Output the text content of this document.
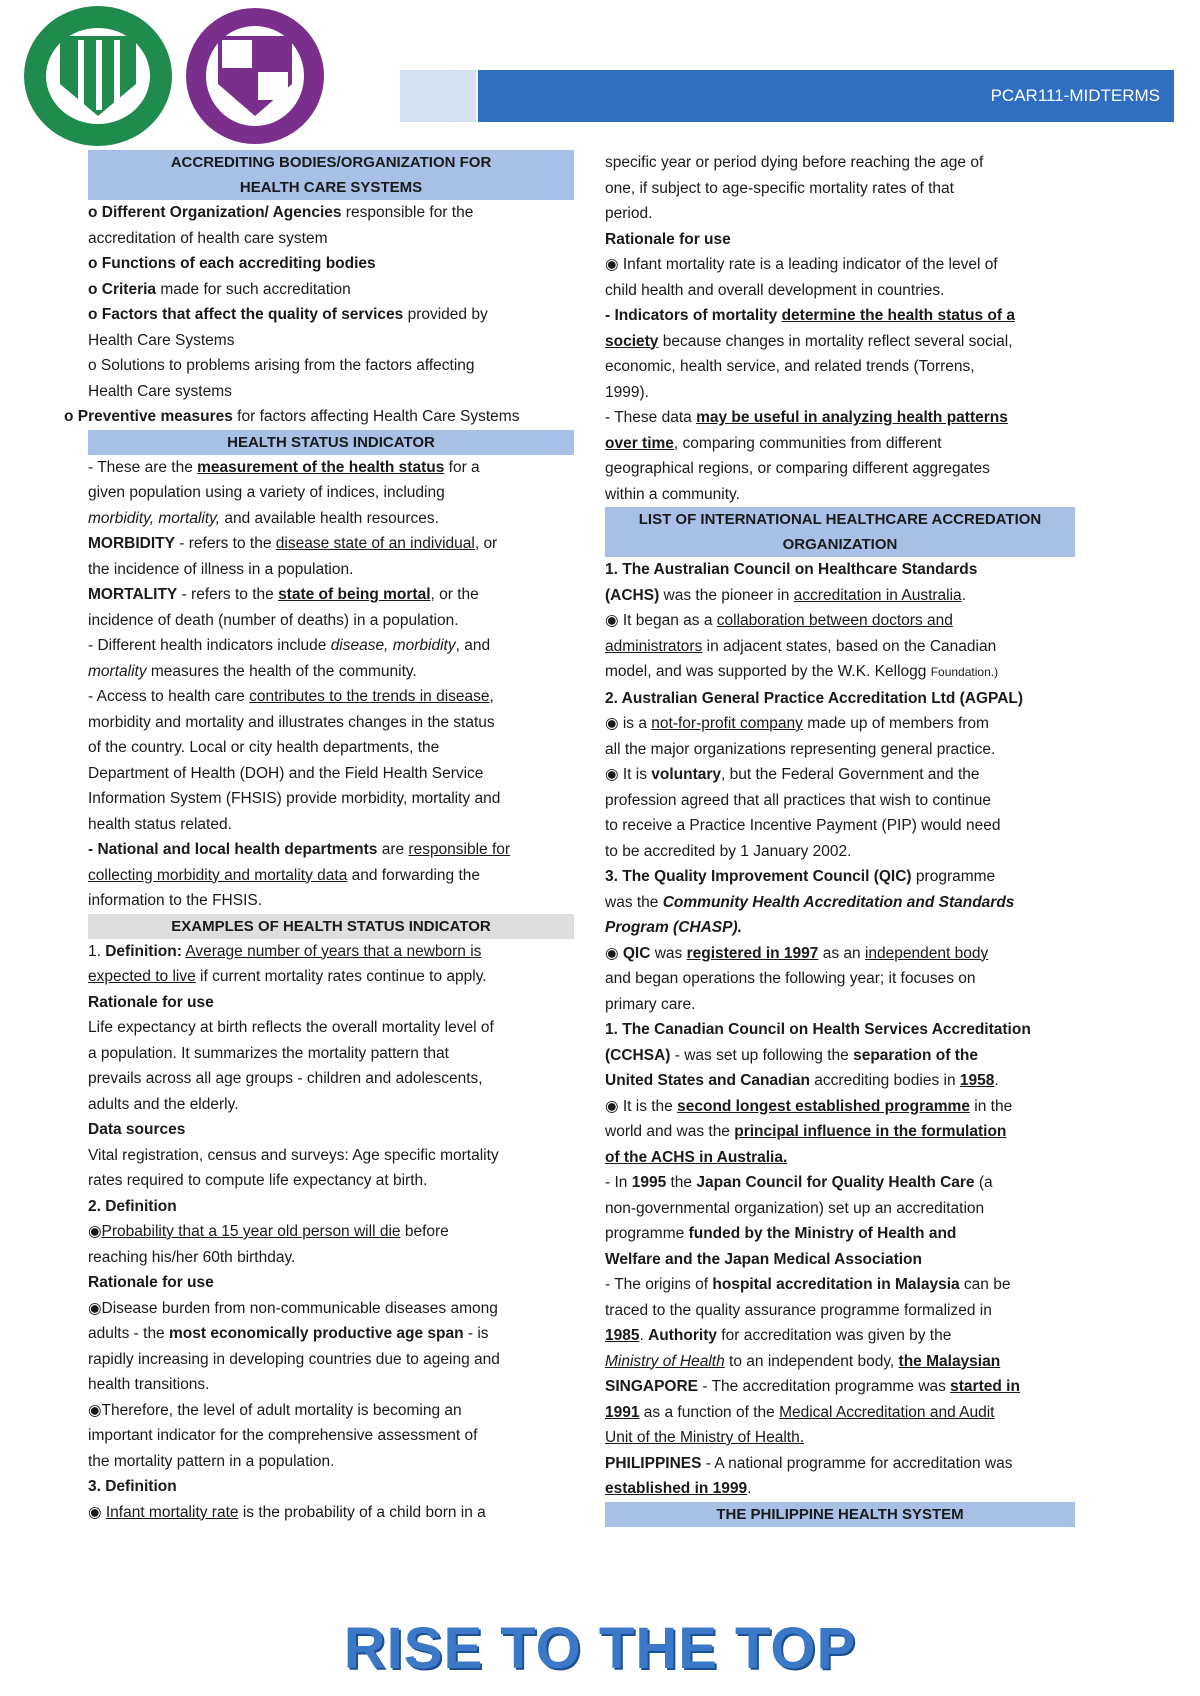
PCAR111-MIDTERMS
ACCREDITING BODIES/ORGANIZATION FOR
HEALTH CARE SYSTEMS

o Different Organization/ Agencies responsible for the

accreditation of health care system

o Functions of each accrediting bodies

o Criteria made for such accreditation

o Factors that affect the quality of services provided by

Health Care Systems

o Solutions to problems arising from the factors affecting

Health Care systems

o Preventive measures for factors affecting Health Care Systems

HEALTH STATUS INDICATOR

- These are the measurement of the health status for a

given population using a variety of indices, including

morbidity, mortality, and available health resources.

MORBIDITY - refers to the disease state of an individual, or

the incidence of illness in a population.

MORTALITY - refers to the state of being mortal, or the

incidence of death (number of deaths) in a population.

- Different health indicators include disease, morbidity, and

mortality measures the health of the community.

- Access to health care contributes to the trends in disease,

morbidity and mortality and illustrates changes in the status

of the country. Local or city health departments, the

Department of Health (DOH) and the Field Health Service

Information System (FHSIS) provide morbidity, mortality and

health status related.

- National and local health departments are responsible for

collecting morbidity and mortality data and forwarding the

information to the FHSIS.

EXAMPLES OF HEALTH STATUS INDICATOR

1. Definition: Average number of years that a newborn is

expected to live if current mortality rates continue to apply.

Rationale for use

Life expectancy at birth reflects the overall mortality level of

a population. It summarizes the mortality pattern that

prevails across all age groups - children and adolescents,

adults and the elderly.

Data sources

Vital registration, census and surveys: Age specific mortality

rates required to compute life expectancy at birth.

2. Definition

◉Probability that a 15 year old person will die before

reaching his/her 60th birthday.

Rationale for use

◉Disease burden from non-communicable diseases among

adults - the most economically productive age span - is

rapidly increasing in developing countries due to ageing and

health transitions.

◉Therefore, the level of adult mortality is becoming an

important indicator for the comprehensive assessment of

the mortality pattern in a population.

3. Definition

◉ Infant mortality rate is the probability of a child born in a

specific year or period dying before reaching the age of

one, if subject to age-specific mortality rates of that

period.

Rationale for use

◉ Infant mortality rate is a leading indicator of the level of

child health and overall development in countries.

- Indicators of mortality determine the health status of a

society because changes in mortality reflect several social,

economic, health service, and related trends (Torrens,

1999).

- These data may be useful in analyzing health patterns

over time, comparing communities from different

geographical regions, or comparing different aggregates

within a community.

LIST OF INTERNATIONAL HEALTHCARE ACCREDATION
ORGANIZATION

1. The Australian Council on Healthcare Standards

(ACHS) was the pioneer in accreditation in Australia.

◉ It began as a collaboration between doctors and

administrators in adjacent states, based on the Canadian

model, and was supported by the W.K. Kellogg Foundation.)

2. Australian General Practice Accreditation Ltd (AGPAL)

◉ is a not-for-profit company made up of members from

all the major organizations representing general practice.

◉ It is voluntary, but the Federal Government and the

profession agreed that all practices that wish to continue

to receive a Practice Incentive Payment (PIP) would need

to be accredited by 1 January 2002.

3. The Quality Improvement Council (QIC) programme

was the Community Health Accreditation and Standards

Program (CHASP).

◉ QIC was registered in 1997 as an independent body

and began operations the following year; it focuses on

primary care.

1. The Canadian Council on Health Services Accreditation

(CCHSA) - was set up following the separation of the

United States and Canadian accrediting bodies in 1958.

◉ It is the second longest established programme in the

world and was the principal influence in the formulation

of the ACHS in Australia.

- In 1995 the Japan Council for Quality Health Care (a

non-governmental organization) set up an accreditation

programme funded by the Ministry of Health and

Welfare and the Japan Medical Association

- The origins of hospital accreditation in Malaysia can be

traced to the quality assurance programme formalized in

1985. Authority for accreditation was given by the

Ministry of Health to an independent body, the Malaysian

SINGAPORE - The accreditation programme was started in

1991 as a function of the Medical Accreditation and Audit

Unit of the Ministry of Health.

PHILIPPINES - A national programme for accreditation was

established in 1999.

THE PHILIPPINE HEALTH SYSTEM
RISE TO THE TOP
